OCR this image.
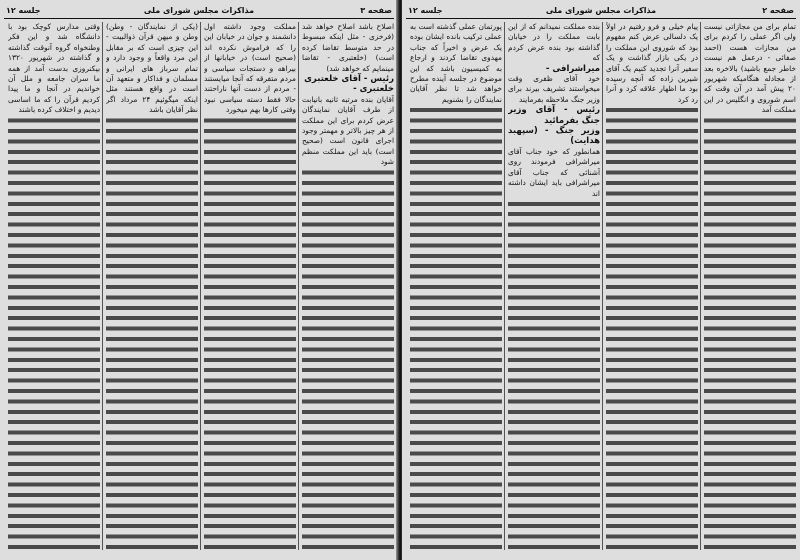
صفحه ۳
مذاکرات مجلس شورای ملی
جلسه ۱۲

اصلاح باشد اصلاح خواهد شد (فرخزی - مثل اینکه مبسوط در حد متوسط تقاضا کرده است) (خلعتبری - تقاضا مینمایم که خواهد شد)

رئیس - آقای خلعتبری

خلعتبری -

آقایان بنده مرتبه ثانیه بانیابت از طرف آقایان نمایندگان عرض کردم برای این مملکت از هر چیز بالاتر و مهمتر وجود اجرای قانون است (صحیح است) باید این مملکت منظم شود

مملکت وجود داشته اول دانشمند و جوان در خیابان این را که فراموش نکرده اند (صحیح است) در خیابانها از بیراهه و دستجات سیاسی و مردم متفرقه که آنجا میایستند - مردم از دست آنها ناراحتند حالا فقط دسته سیاسی نبود وقتی کارها بهم میخورد

(یکی از نمایندگان - وطن) وطن و میهن قرآن ذوالبیت - این چیزی است که بر مقابل این مرد واقعاً و وجود دارد و تمام سرباز های ایرانی و مسلمان و فداکار و متعهد آن است در واقع هستند مثل اینکه میگوئیم ۲۴ مرداد اگر نظر آقایان باشد

وقتی مدارس کوچک بود با دانشگاه شد و این فکر وطنخواه گروه آنوقت گذاشته و گذاشته در شهریور ۱۳۲۰ بیکنروزی بدست آمد از همه ما سران جامعه و ملل آن خواندیم در آنجا و ما پیدا کردیم قرآن را که ما اساسی دیدیم و اختلاف کرده باشند

صفحه ۲
مذاکرات مجلس شورای ملی
جلسه ۱۲

تمام برای من مجازاتی نیست ولی اگر عملی را کردم برای من مجازات هست (احمد صفائی - درعمل هم نیست خاطر جمع باشید) بالاخره بعد از مجادله هنگامیکه شهریور ۲۰ پیش آمد در آن وقت که اسم شوروی و انگلیس در این مملکت آمد

پیام خیلی و فرو رفتیم در اولاً یک دلسالی عرض کنم مفهوم بود که شوروی این مملکت را در یکی بازار گذاشت و یک سفیر آنرا تجدید کنیم یک آقای شیرین زاده که آنچه رسیده بود ما اظهار علاقه کرد و آنرا رد کرد

بنده مملکت نمیدانم که از این بابت مملکت را در خیابان گذاشته بود بنده عرض کردم که

میراشرافی -

خود آقای ظفری وقت میخواستند تشریف بیرند برای وزیر جنگ ملاحظه بفرمایند

رئیس - آقای وزیر جنگ بفرمائید

وزیر جنگ - (سپهبد هدایت)

همانطور که خود جناب آقای میراشرافی فرمودند روی آشنائی که جناب آقای میراشرافی باید ایشان داشته اند

پورتمان عملی گذشته است به عملی ترکیب بانده ایشان بوده یک عرض و اخیراً که جناب مهدوی تقاضا کردند و ارجاع به کمیسیون باشد که این موضوع در جلسه آینده مطرح خواهد شد تا نظر آقایان نمایندگان را بشنویم
